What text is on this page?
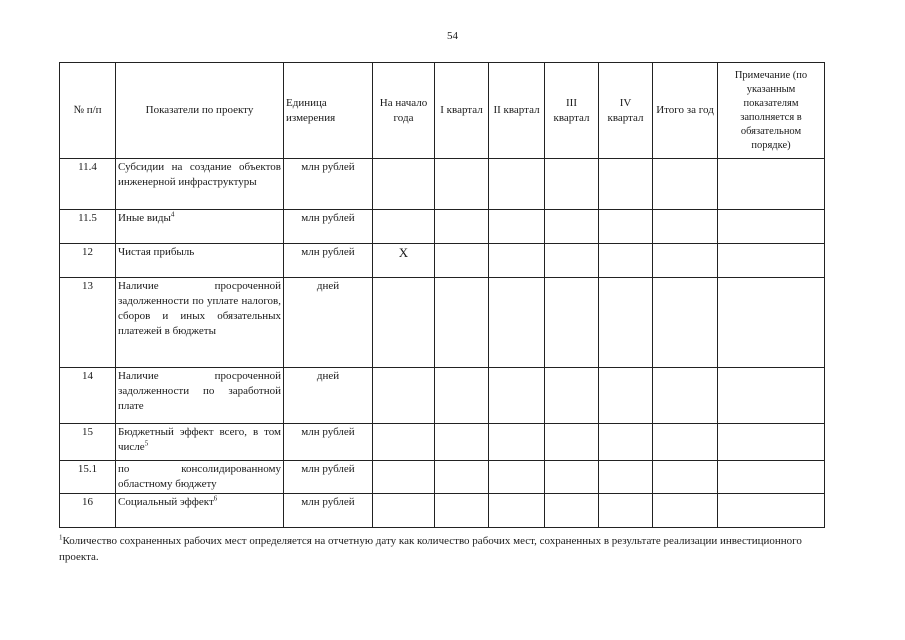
54
№ п/п	Показатели по проекту	Единица измерения	На начало года	I квартал	II квартал	III квартал	IV квартал	Итого за год	Примечание (по указанным показателям заполняется в обязательном порядке)
11.4	Субсидии на создание объектов инженерной инфраструктуры	млн рублей							
11.5	Иные виды$^4$	млн рублей							
12	Чистая прибыль	млн рублей	X						
13	Наличие просроченной задолженности по уплате налогов, сборов и иных обязательных платежей в бюджеты	дней							
14	Наличие просроченной задолженности по заработной плате	дней							
15	Бюджетный эффект всего, в том числе$^5$	млн рублей							
15.1	по консолидированному областному бюджету	млн рублей							
16	Социальный эффект$^6$	млн рублей							
$^1$Количество сохраненных рабочих мест определяется на отчетную дату как количество рабочих мест, сохраненных в результате реализации инвестиционного проекта.
